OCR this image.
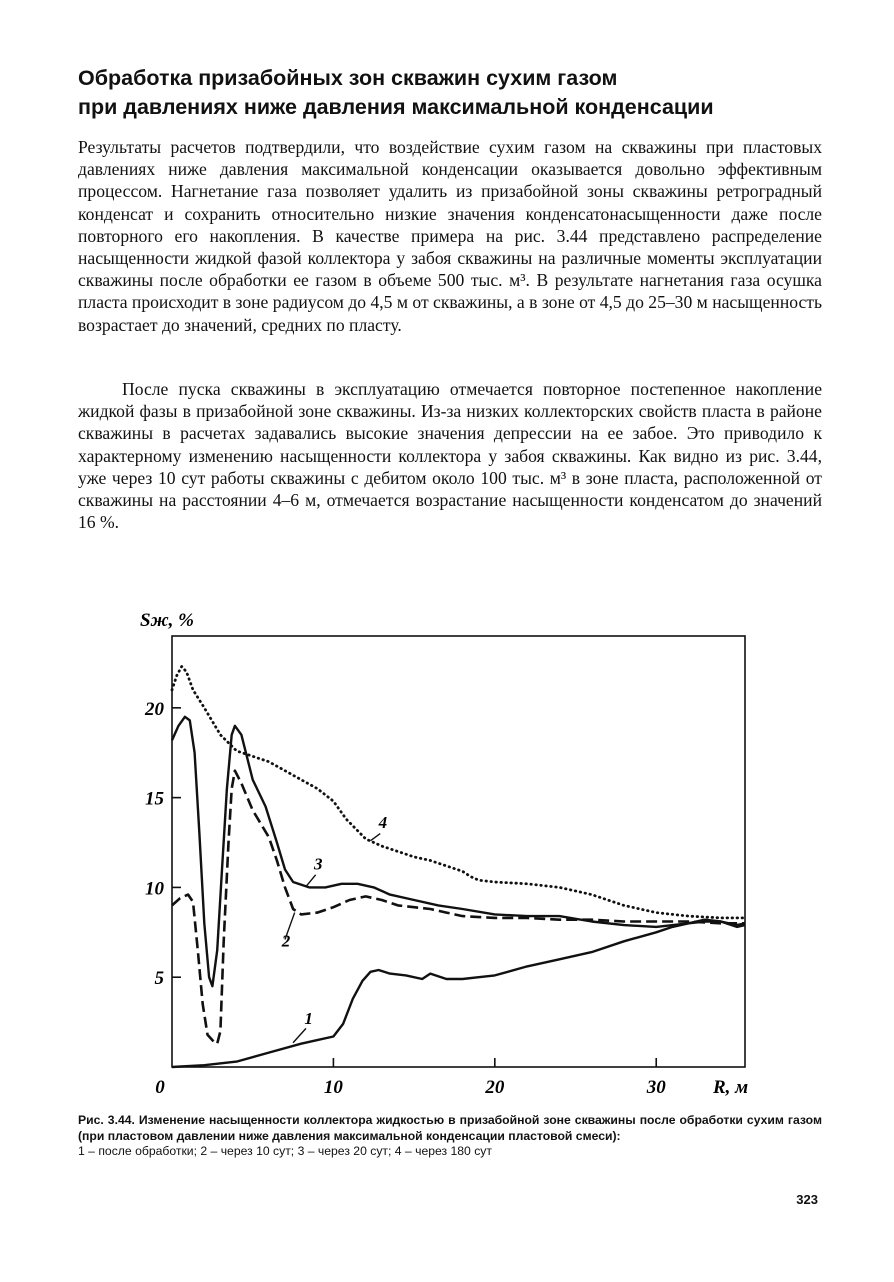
Обработка призабойных зон скважин сухим газом
при давлениях ниже давления максимальной конденсации

Результаты расчетов подтвердили, что воздействие сухим газом на скважины при пластовых давлениях ниже давления максимальной конденсации оказывается довольно эффективным процессом. Нагнетание газа позволяет удалить из призабойной зоны скважины ретроградный конденсат и сохранить относительно низкие значения конденсатонасыщенности даже после повторного его накопления. В качестве примера на рис. 3.44 представлено распределение насыщенности жидкой фазой коллектора у забоя скважины на различные моменты эксплуатации скважины после обработки ее газом в объеме 500 тыс. м³. В результате нагнетания газа осушка пласта происходит в зоне радиусом до 4,5 м от скважины, а в зоне от 4,5 до 25–30 м насыщенность возрастает до значений, средних по пласту.

После пуска скважины в эксплуатацию отмечается повторное постепенное накопление жидкой фазы в призабойной зоне скважины. Из-за низких коллекторских свойств пласта в районе скважины в расчетах задавались высокие значения депрессии на ее забое. Это приводило к характерному изменению насыщенности коллектора у забоя скважины. Как видно из рис. 3.44, уже через 10 сут работы скважины с дебитом около 100 тыс. м³ в зоне пласта, расположенной от скважины на расстоянии 4–6 м, отмечается возрастание насыщенности конденсатом до значений 16 %.

5
10
15
20
0	10	20	30 R, м
Sж, %
1
2
3
4
Рис. 3.44. Изменение насыщенности коллектора жидкостью в призабойной зоне скважины после обработки сухим газом (при пластовом давлении ниже давления максимальной конденсации пластовой смеси):
1 – после обработки; 2 – через 10 сут; 3 – через 20 сут; 4 – через 180 сут
323
